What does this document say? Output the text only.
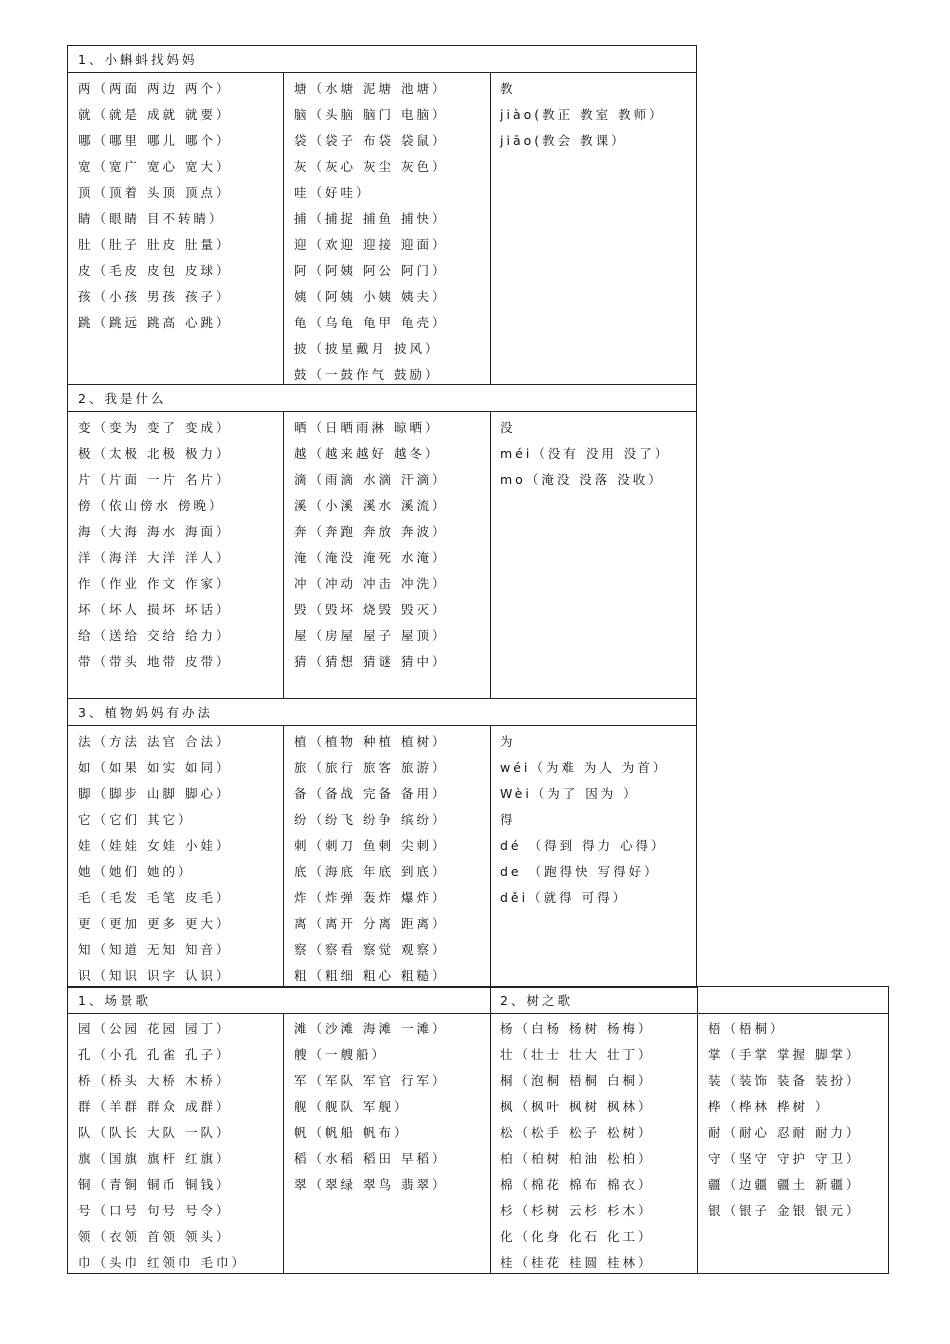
1、小蝌蚪找妈妈
两（两面 两边 两个）
就（就是 成就 就要）
哪（哪里 哪儿 哪个）
宽（宽广 宽心 宽大）
顶（顶着 头顶 顶点）
睛（眼睛 目不转睛）
肚（肚子 肚皮 肚量）
皮（毛皮 皮包 皮球）
孩（小孩 男孩 孩子）
跳（跳远 跳高 心跳）
塘（水塘 泥塘 池塘）
脑（头脑 脑门 电脑）
袋（袋子 布袋 袋鼠）
灰（灰心 灰尘 灰色）
哇（好哇）
捕（捕捉 捕鱼 捕快）
迎（欢迎 迎接 迎面）
阿（阿姨 阿公 阿门）
姨（阿姨 小姨 姨夫）
龟（乌龟 龟甲 龟壳）
披（披星戴月 披风）
鼓（一鼓作气 鼓励）
教
jiào(教正 教室 教师）
jiāo(教会 教课）
2、我是什么
变（变为 变了 变成）
极（太极 北极 极力）
片（片面 一片 名片）
傍（依山傍水 傍晚）
海（大海 海水 海面）
洋（海洋 大洋 洋人）
作（作业 作文 作家）
坏（坏人 损坏 坏话）
给（送给 交给 给力）
带（带头 地带 皮带）
晒（日晒雨淋 晾晒）
越（越来越好 越冬）
滴（雨滴 水滴 汗滴）
溪（小溪 溪水 溪流）
奔（奔跑 奔放 奔波）
淹（淹没 淹死 水淹）
冲（冲动 冲击 冲洗）
毁（毁坏 烧毁 毁灭）
屋（房屋 屋子 屋顶）
猜（猜想 猜谜 猜中）
没
méi（没有 没用 没了）
mo（淹没 没落 没收）
3、植物妈妈有办法
法（方法 法官 合法）
如（如果 如实 如同）
脚（脚步 山脚 脚心）
它（它们 其它）
娃（娃娃 女娃 小娃）
她（她们 她的）
毛（毛发 毛笔 皮毛）
更（更加 更多 更大）
知（知道 无知 知音）
识（知识 识字 认识）
植（植物 种植 植树）
旅（旅行 旅客 旅游）
备（备战 完备 备用）
纷（纷飞 纷争 缤纷）
刺（刺刀 鱼刺 尖刺）
底（海底 年底 到底）
炸（炸弹 轰炸 爆炸）
离（离开 分离 距离）
察（察看 察觉 观察）
粗（粗细 粗心 粗糙）
为
wéi（为难 为人 为首）
Wèi（为了 因为 ）
得
dé （得到 得力 心得）
de （跑得快 写得好）
děi（就得 可得）
1、场景歌	2、树之歌
园（公园 花园 园丁）
孔（小孔 孔雀 孔子）
桥（桥头 大桥 木桥）
群（羊群 群众 成群）
队（队长 大队 一队）
旗（国旗 旗杆 红旗）
铜（青铜 铜币 铜钱）
号（口号 句号 号令）
领（衣领 首领 领头）
巾（头巾 红领巾 毛巾）
滩（沙滩 海滩 一滩）
艘（一艘船）
军（军队 军官 行军）
舰（舰队 军舰）
帆（帆船 帆布）
稻（水稻 稻田 早稻）
翠（翠绿 翠鸟 翡翠）
杨（白杨 杨树 杨梅）
壮（壮士 壮大 壮丁）
桐（泡桐 梧桐 白桐）
枫（枫叶 枫树 枫林）
松（松手 松子 松树）
柏（柏树 柏油 松柏）
棉（棉花 棉布 棉衣）
杉（杉树 云杉 杉木）
化（化身 化石 化工）
桂（桂花 桂圆 桂林）
梧（梧桐）
掌（手掌 掌握 脚掌）
装（装饰 装备 装扮）
桦（桦林 桦树 ）
耐（耐心 忍耐 耐力）
守（坚守 守护 守卫）
疆（边疆 疆土 新疆）
银（银子 金银 银元）
